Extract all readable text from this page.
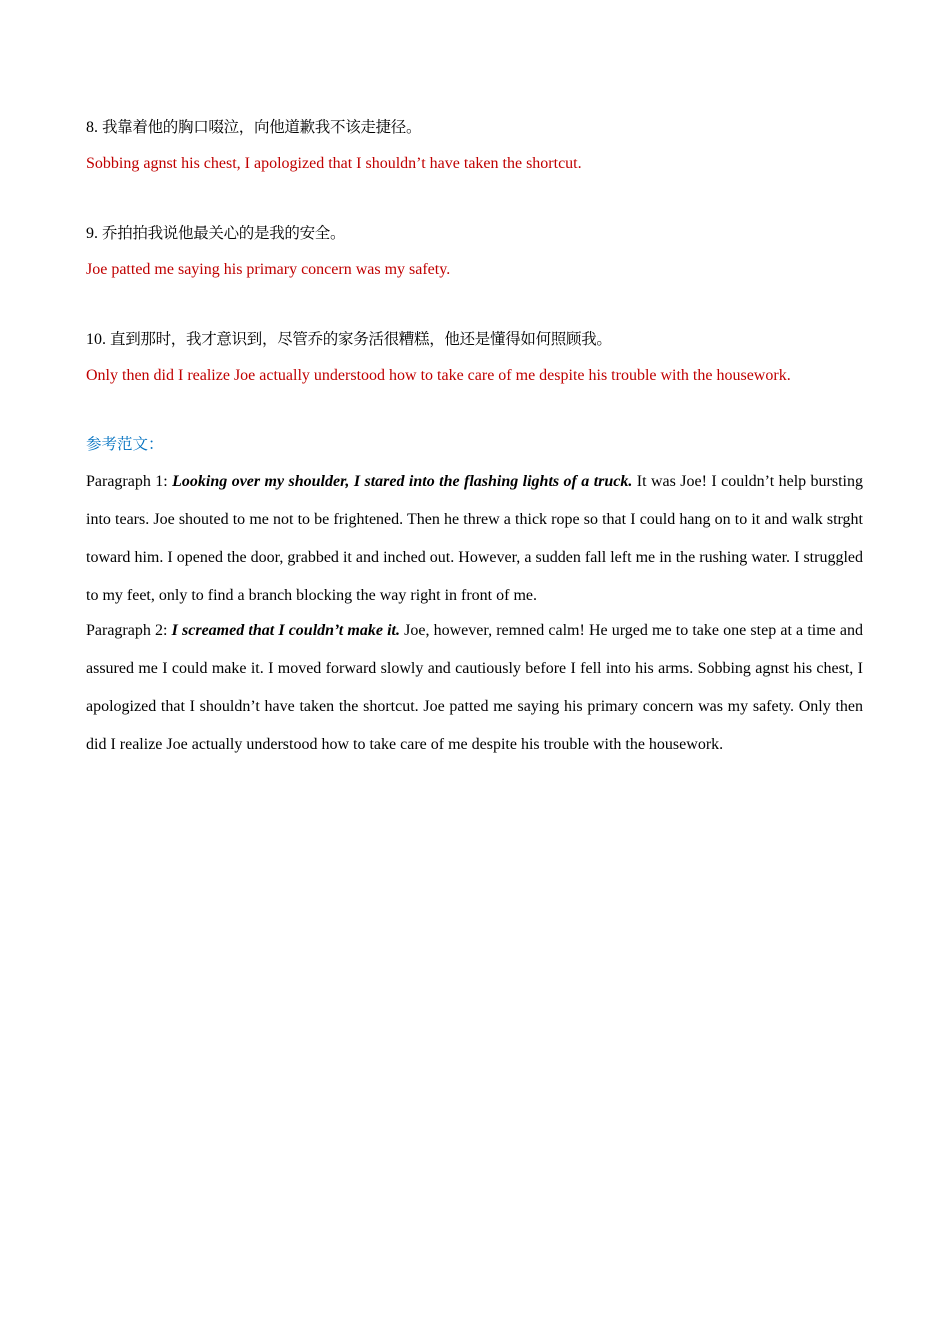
8. 我靠着他的胸口啜泣，向他道歉我不该走捷径。
Sobbing agnst his chest, I apologized that I shouldn’t have taken the shortcut.
9. 乔拍拍我说他最关心的是我的安全。
Joe patted me saying his primary concern was my safety.
10. 直到那时，我才意识到，尽管乔的家务活很糟糕，他还是懂得如何照顾我。
Only then did I realize Joe actually understood how to take care of me despite his trouble with the housework.
参考范文：
Paragraph 1: Looking over my shoulder, I stared into the flashing lights of a truck. It was Joe! I couldn’t help bursting into tears. Joe shouted to me not to be frightened. Then he threw a thick rope so that I could hang on to it and walk strght toward him. I opened the door, grabbed it and inched out. However, a sudden fall left me in the rushing water. I struggled to my feet, only to find a branch blocking the way right in front of me.
Paragraph 2: I screamed that I couldn’t make it. Joe, however, remned calm! He urged me to take one step at a time and assured me I could make it. I moved forward slowly and cautiously before I fell into his arms. Sobbing agnst his chest, I apologized that I shouldn’t have taken the shortcut. Joe patted me saying his primary concern was my safety. Only then did I realize Joe actually understood how to take care of me despite his trouble with the housework.
